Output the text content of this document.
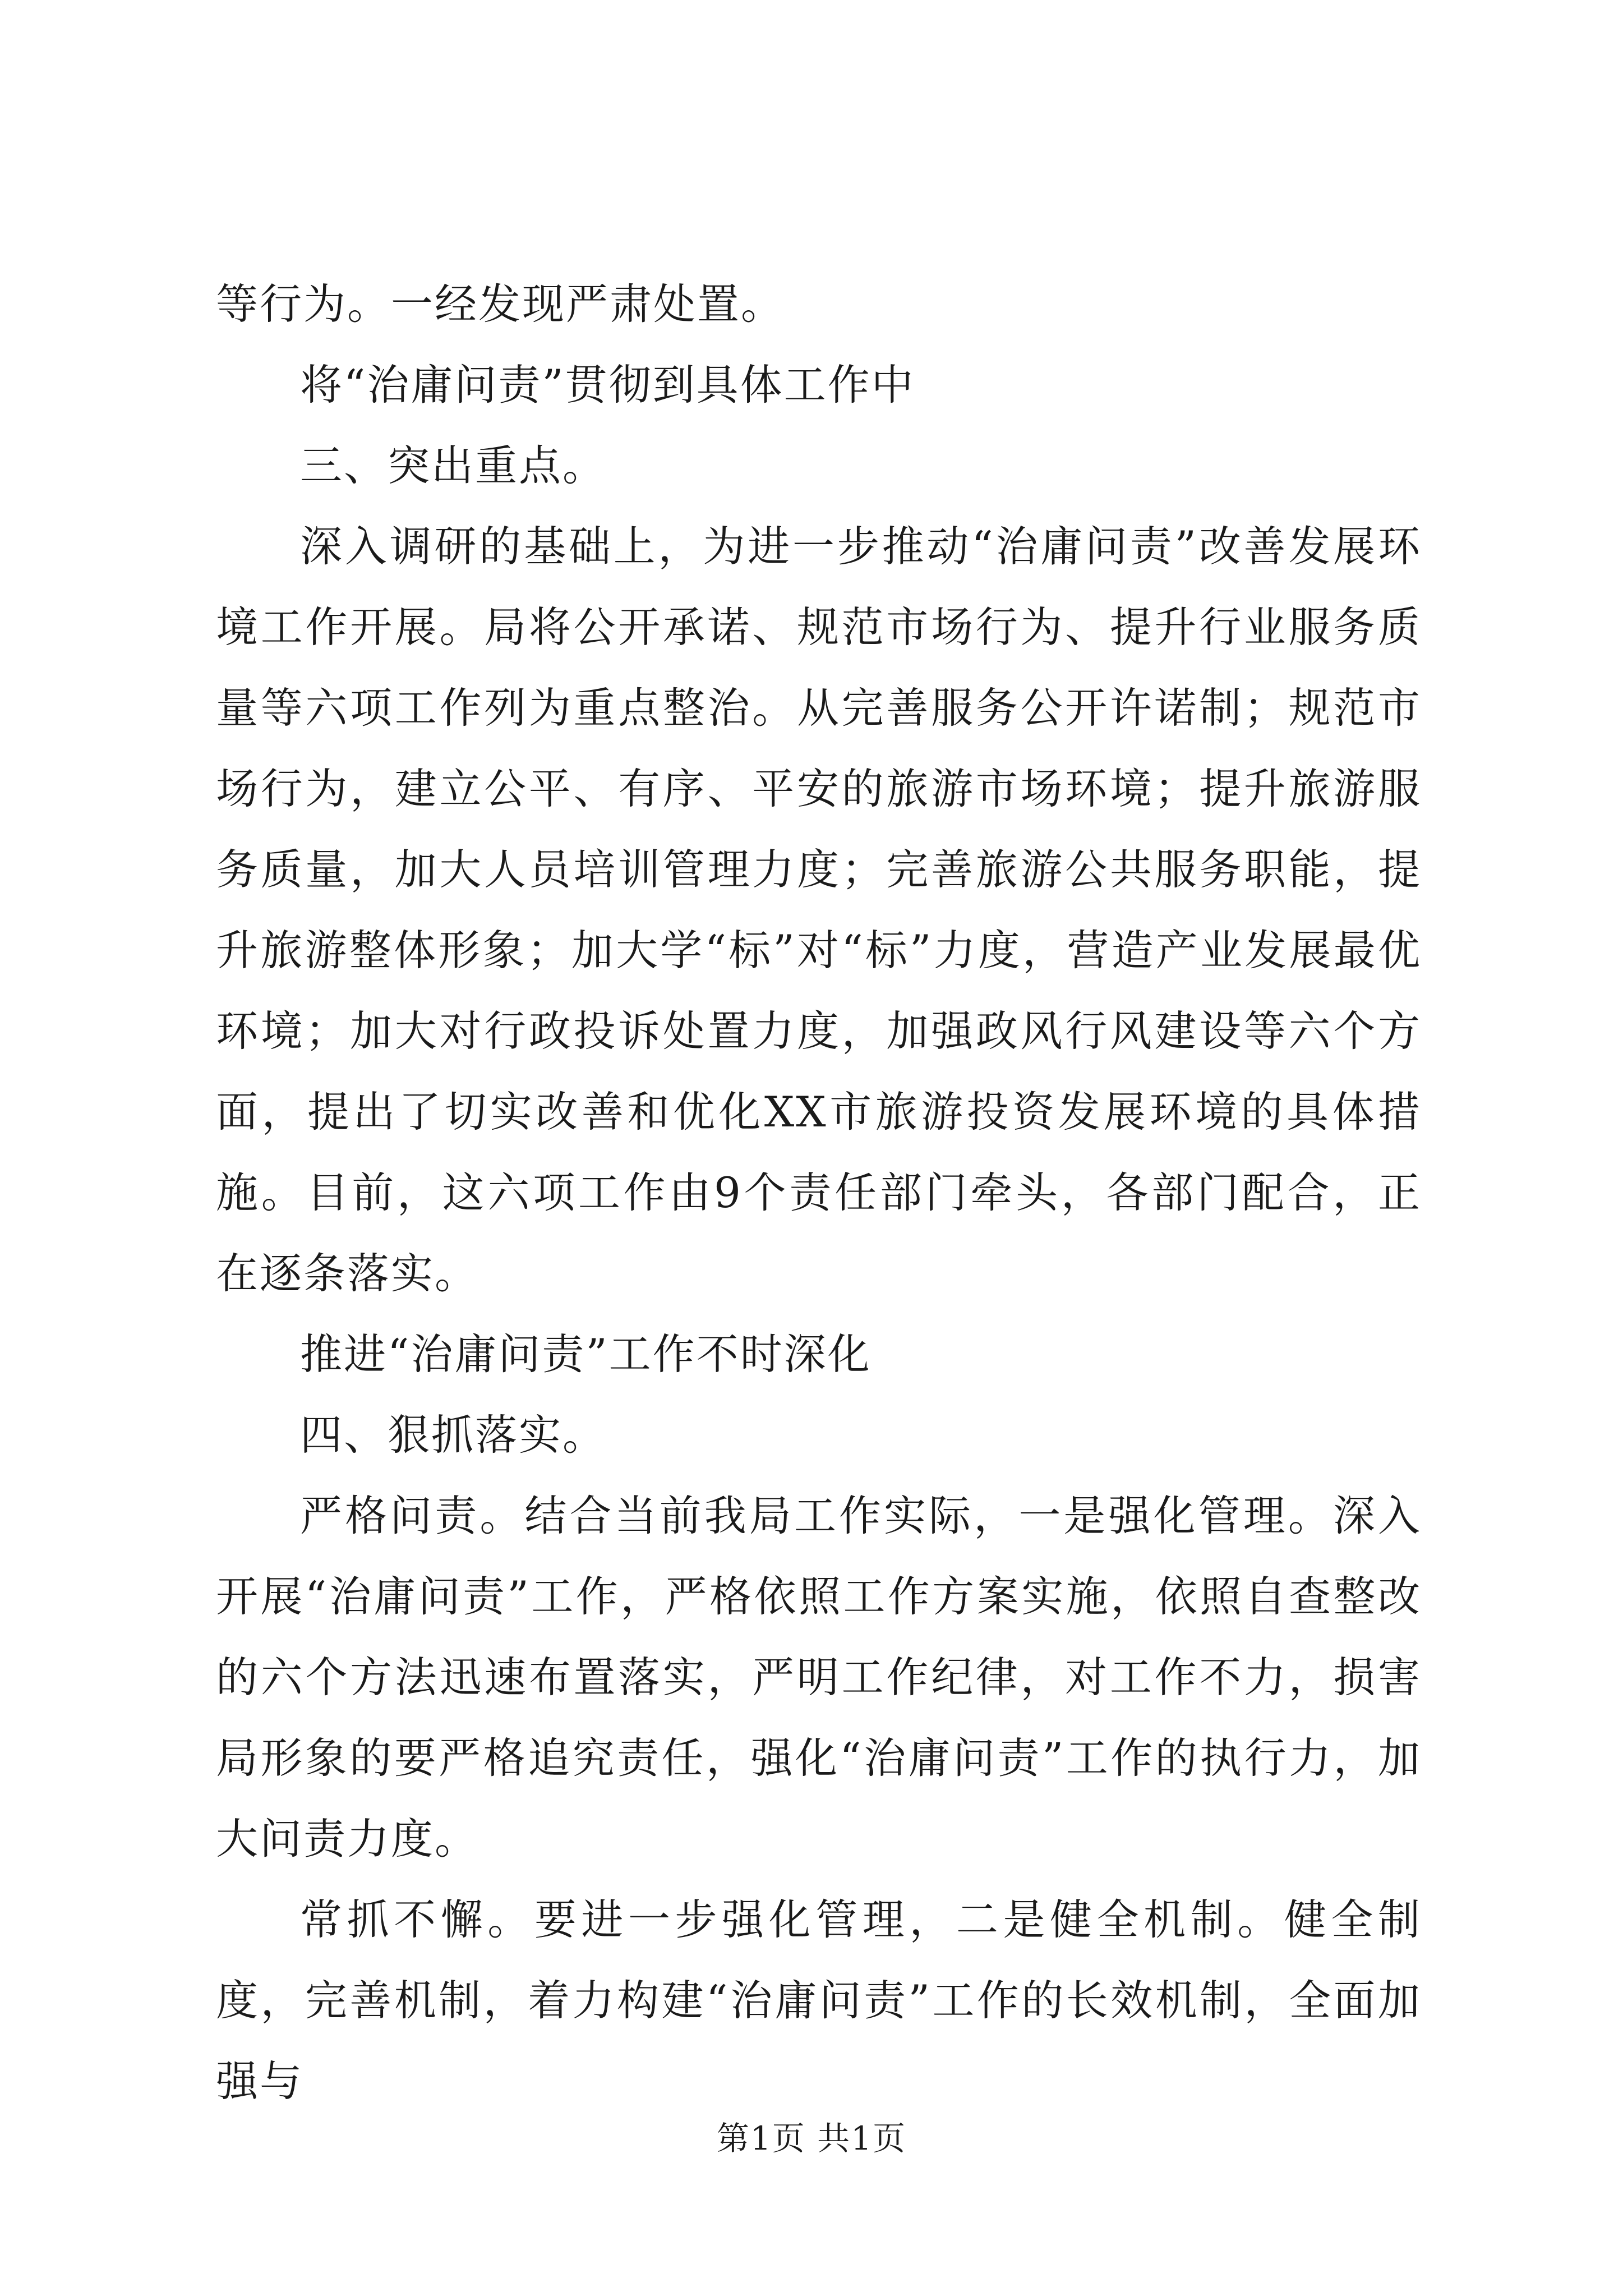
等行为。一经发现严肃处置。

将“治庸问责”贯彻到具体工作中

三、突出重点。

深入调研的基础上，为进一步推动“治庸问责”改善发展环境工作开展。局将公开承诺、规范市场行为、提升行业服务质量等六项工作列为重点整治。从完善服务公开许诺制；规范市场行为，建立公平、有序、平安的旅游市场环境；提升旅游服务质量，加大人员培训管理力度；完善旅游公共服务职能，提升旅游整体形象；加大学“标”对“标”力度，营造产业发展最优环境；加大对行政投诉处置力度，加强政风行风建设等六个方面，提出了切实改善和优化XX市旅游投资发展环境的具体措施。目前，这六项工作由9个责任部门牵头，各部门配合，正在逐条落实。

推进“治庸问责”工作不时深化

四、狠抓落实。

严格问责。结合当前我局工作实际，一是强化管理。深入开展“治庸问责”工作，严格依照工作方案实施，依照自查整改的六个方法迅速布置落实，严明工作纪律，对工作不力，损害局形象的要严格追究责任，强化“治庸问责”工作的执行力，加大问责力度。

常抓不懈。要进一步强化管理，二是健全机制。健全制度，完善机制，着力构建“治庸问责”工作的长效机制，全面加强与

第1页 共1页
